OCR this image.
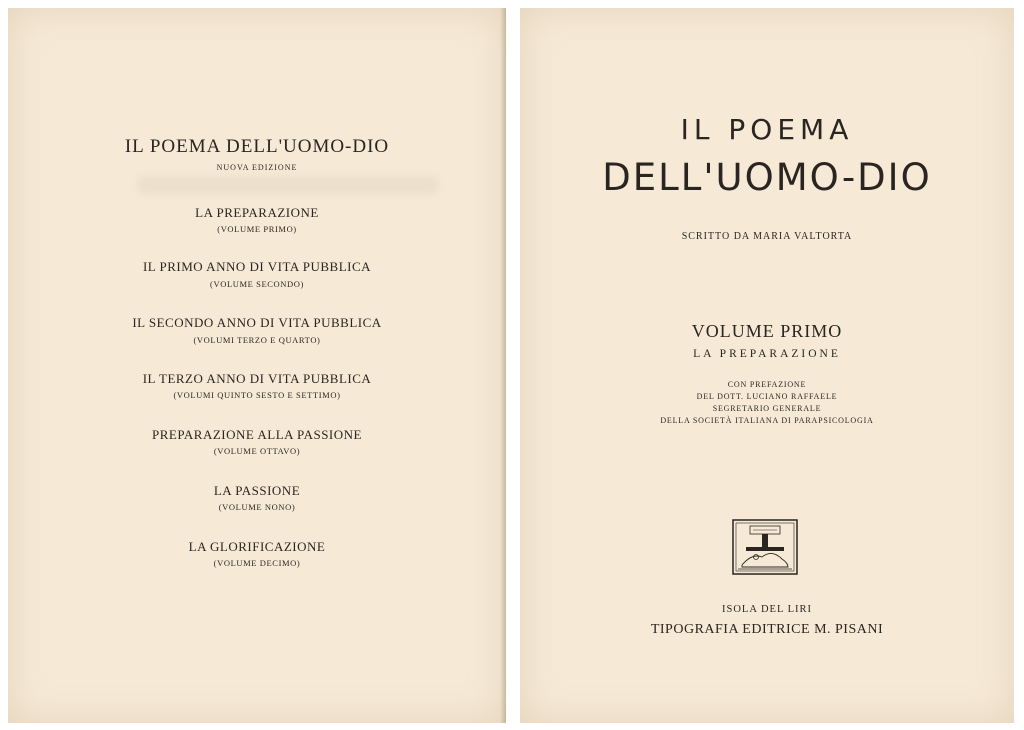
IL POEMA DELL'UOMO-DIO
NUOVA EDIZIONE
LA PREPARAZIONE
(VOLUME PRIMO)
IL PRIMO ANNO DI VITA PUBBLICA
(VOLUME SECONDO)
IL SECONDO ANNO DI VITA PUBBLICA
(VOLUMI TERZO E QUARTO)
IL TERZO ANNO DI VITA PUBBLICA
(VOLUMI QUINTO SESTO E SETTIMO)
PREPARAZIONE ALLA PASSIONE
(VOLUME OTTAVO)
LA PASSIONE
(VOLUME NONO)
LA GLORIFICAZIONE
(VOLUME DECIMO)
IL POEMA
DELL'UOMO-DIO
SCRITTO DA MARIA VALTORTA
VOLUME PRIMO
LA PREPARAZIONE
CON PREFAZIONE
DEL DOTT. LUCIANO RAFFAELE
SEGRETARIO GENERALE
DELLA SOCIETÀ ITALIANA DI PARAPSICOLOGIA
ISOLA DEL LIRI
TIPOGRAFIA EDITRICE M. PISANI
